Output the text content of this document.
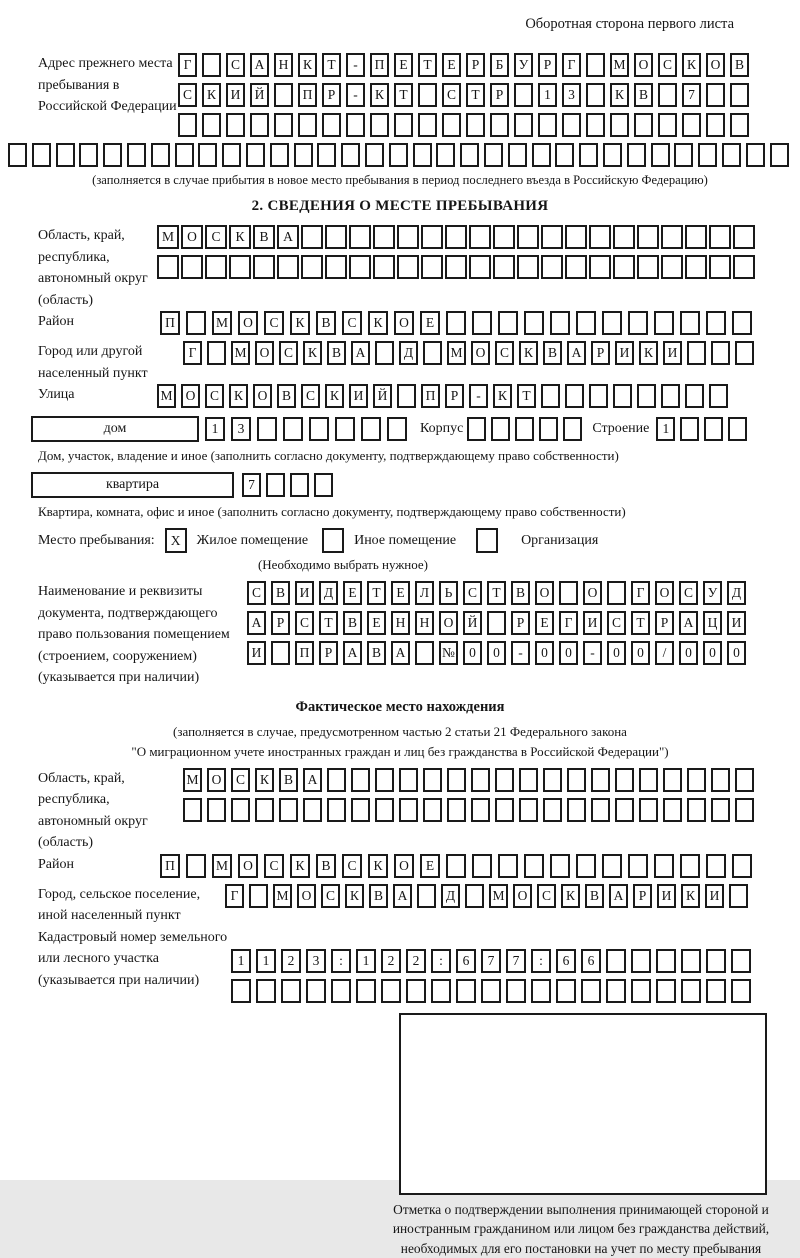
Оборотная сторона первого листа
Адрес прежнего места пребывания в Российской Федерации
Г	С	А	Н	К	Т	-	П	Е	Т	Е	Р	Б	У	Р	Г	М О	С	К	О	В
С	К	И	Й	П	Р	-	К	Т	С	Т	Р	1	3	К	В	7
(заполняется в случае прибытия в новое место пребывания в период последнего въезда в Российскую Федерацию)
2. СВЕДЕНИЯ О МЕСТЕ ПРЕБЫВАНИЯ
Область, край, республика, автономный округ (область)
М О	С	К	В	А
Район	П	М	О	С	К	В	С	К	О	Е
Город или другой населенный пункт
Г	М О	С	К	В	А	Д	М О	С	К	В	А	Р	И	К	И
Улица	М О	С	К	О	В	С	К	И	Й	П	Р	-	К	Т
дом	1	3	Корпус	Строение 1
Дом, участок, владение и иное (заполнить согласно документу, подтверждающему право собственности)
квартира	7
Квартира, комната, офис и иное (заполнить согласно документу, подтверждающему право собственности)
Место пребывания:	X	Жилое помещение	Иное помещение	Организация
(Необходимо выбрать нужное)
Наименование и реквизиты документа, подтверждающего право пользования помещением (строением, сооружением) (указывается при наличии)
С	В	И	Д	Е	Т	Е	Л	Ь	С	Т	В	О	О	Г	О	С	У	Д
А	Р	С	Т	В	Е	Н	Н	О	Й	Р	Е	Г	И	С	Т	Р	А	Ц	И
И	П	Р	А	В	А	№	0	0	-	0	0	-	0	0	/	0	0	0
Фактическое место нахождения
(заполняется в случае, предусмотренном частью 2 статьи 21 Федерального закона
"О миграционном учете иностранных граждан и лиц без гражданства в Российской Федерации")
Область, край, республика, автономный округ (область)
М О	С	К	В	А
Район	П	М	О	С	К	В	С	К	О	Е
Город, сельское поселение, иной населенный пункт
Г	М О	С	К	В	А	Д	М О	С	К	В	А	Р	И	К	И
Кадастровый номер земельного или лесного участка (указывается при наличии)
1	1	2	3	:	1	2	2	:	6	7	7	:	6	6
Отметка о подтверждении выполнения принимающей стороной и иностранным гражданином или лицом без гражданства действий, необходимых для его постановки на учет по месту пребывания
